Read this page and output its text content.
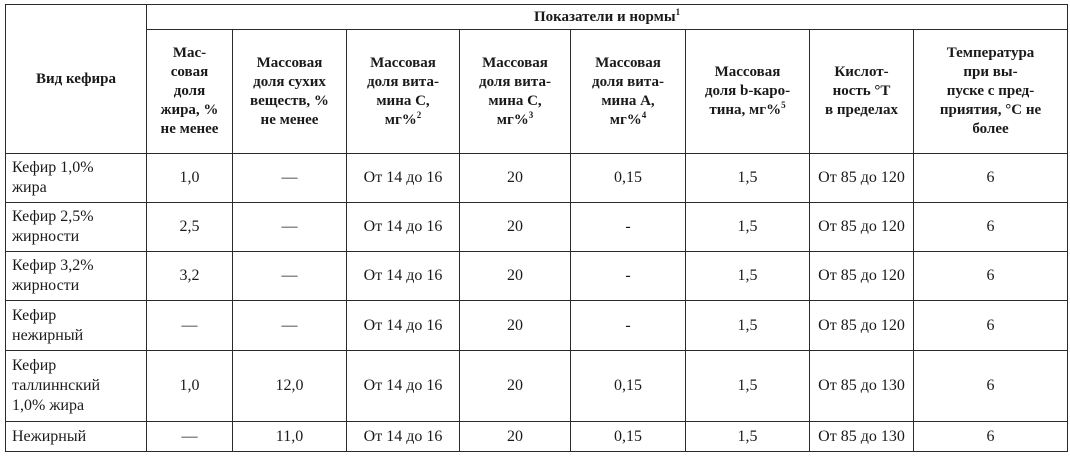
Вид кефира	Показатели и нормы$^1$
	Мас-
совая
доля
жира, %
не менее	Массовая
доля сухих
веществ, %
не менее	Массовая
доля вита-
мина С,
мг%$^2$	Массовая
доля вита-
мина С,
мг%$^3$	Массовая
доля вита-
мина А,
мг%$^4$	Массовая
доля b-каро-
тина, мг%$^5$	Кислот-
ность °Т
в пределах	Температура
при вы-
пуске с пред-
приятия, °С не
более
Кефир 1,0%
жира	1,0	—	От 14 до 16	20	0,15	1,5	От 85 до 120	6
Кефир 2,5%
жирности	2,5	—	От 14 до 16	20	-	1,5	От 85 до 120	6
Кефир 3,2%
жирности	3,2	—	От 14 до 16	20	-	1,5	От 85 до 120	6
Кефир
нежирный	—	—	От 14 до 16	20	-	1,5	От 85 до 120	6
Кефир
таллиннский
1,0% жира	1,0	12,0	От 14 до 16	20	0,15	1,5	От 85 до 130	6
Нежирный	—	11,0	От 14 до 16	20	0,15	1,5	От 85 до 130	6
